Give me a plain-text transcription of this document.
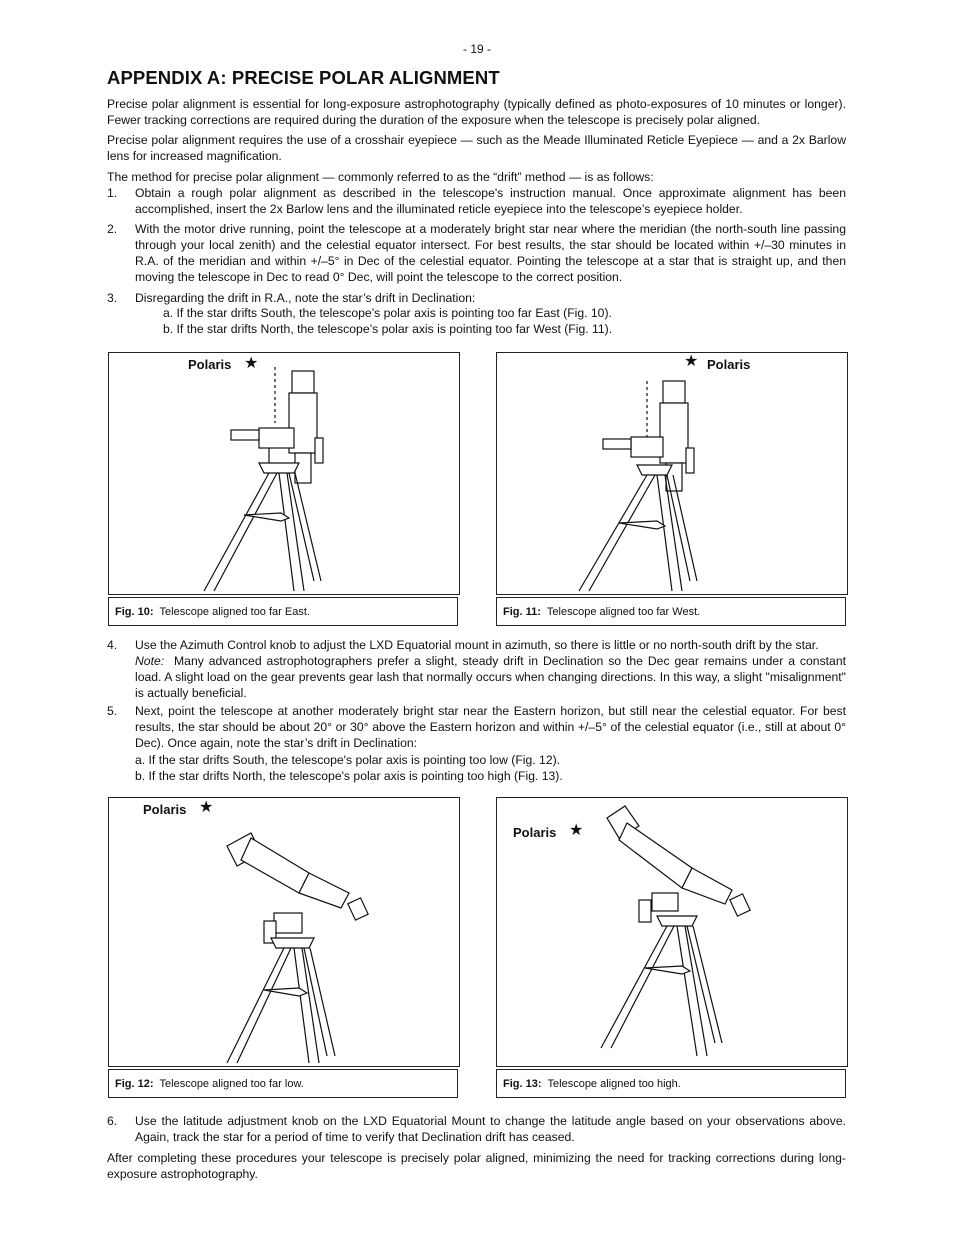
- 19 -
APPENDIX A: PRECISE POLAR ALIGNMENT
Precise polar alignment is essential for long-exposure astrophotography (typically defined as photo-exposures of 10 minutes or longer). Fewer tracking corrections are required during the duration of the exposure when the telescope is precisely polar aligned.
Precise polar alignment requires the use of a crosshair eyepiece — such as the Meade Illuminated Reticle Eyepiece — and a 2x Barlow lens for increased magnification.
The method for precise polar alignment — commonly referred to as the “drift” method — is as follows:
1. Obtain a rough polar alignment as described in the telescope's instruction manual. Once approximate alignment has been accomplished, insert the 2x Barlow lens and the illuminated reticle eyepiece into the telescope’s eyepiece holder.
2. With the motor drive running, point the telescope at a moderately bright star near where the meridian (the north-south line passing through your local zenith) and the celestial equator intersect. For best results, the star should be located within +/–30 minutes in R.A. of the meridian and within +/–5° in Dec of the celestial equator. Pointing the telescope at a star that is straight up, and then moving the telescope in Dec to read 0° Dec, will point the telescope to the correct position.
3. Disregarding the drift in R.A., note the star’s drift in Declination:
a. If the star drifts South, the telescope’s polar axis is pointing too far East (Fig. 10).
b. If the star drifts North, the telescope’s polar axis is pointing too far West (Fig. 11).
Polaris ★
Fig. 10: Telescope aligned too far East.
★ Polaris
Fig. 11: Telescope aligned too far West.
4. Use the Azimuth Control knob to adjust the LXD Equatorial mount in azimuth, so there is little or no north-south drift by the star.
Note: Many advanced astrophotographers prefer a slight, steady drift in Declination so the Dec gear remains under a constant load. A slight load on the gear prevents gear lash that normally occurs when changing directions. In this way, a slight "misalignment" is actually beneficial.
5. Next, point the telescope at another moderately bright star near the Eastern horizon, but still near the celestial equator. For best results, the star should be about 20° or 30° above the Eastern horizon and within +/–5° of the celestial equator (i.e., still at about 0° Dec). Once again, note the star’s drift in Declination:
a. If the star drifts South, the telescope's polar axis is pointing too low (Fig. 12).
b. If the star drifts North, the telescope's polar axis is pointing too high (Fig. 13).
Polaris ★
Fig. 12: Telescope aligned too far low.
Polaris ★
Fig. 13: Telescope aligned too high.
6. Use the latitude adjustment knob on the LXD Equatorial Mount to change the latitude angle based on your observations above. Again, track the star for a period of time to verify that Declination drift has ceased.
After completing these procedures your telescope is precisely polar aligned, minimizing the need for tracking corrections during long-exposure astrophotography.
